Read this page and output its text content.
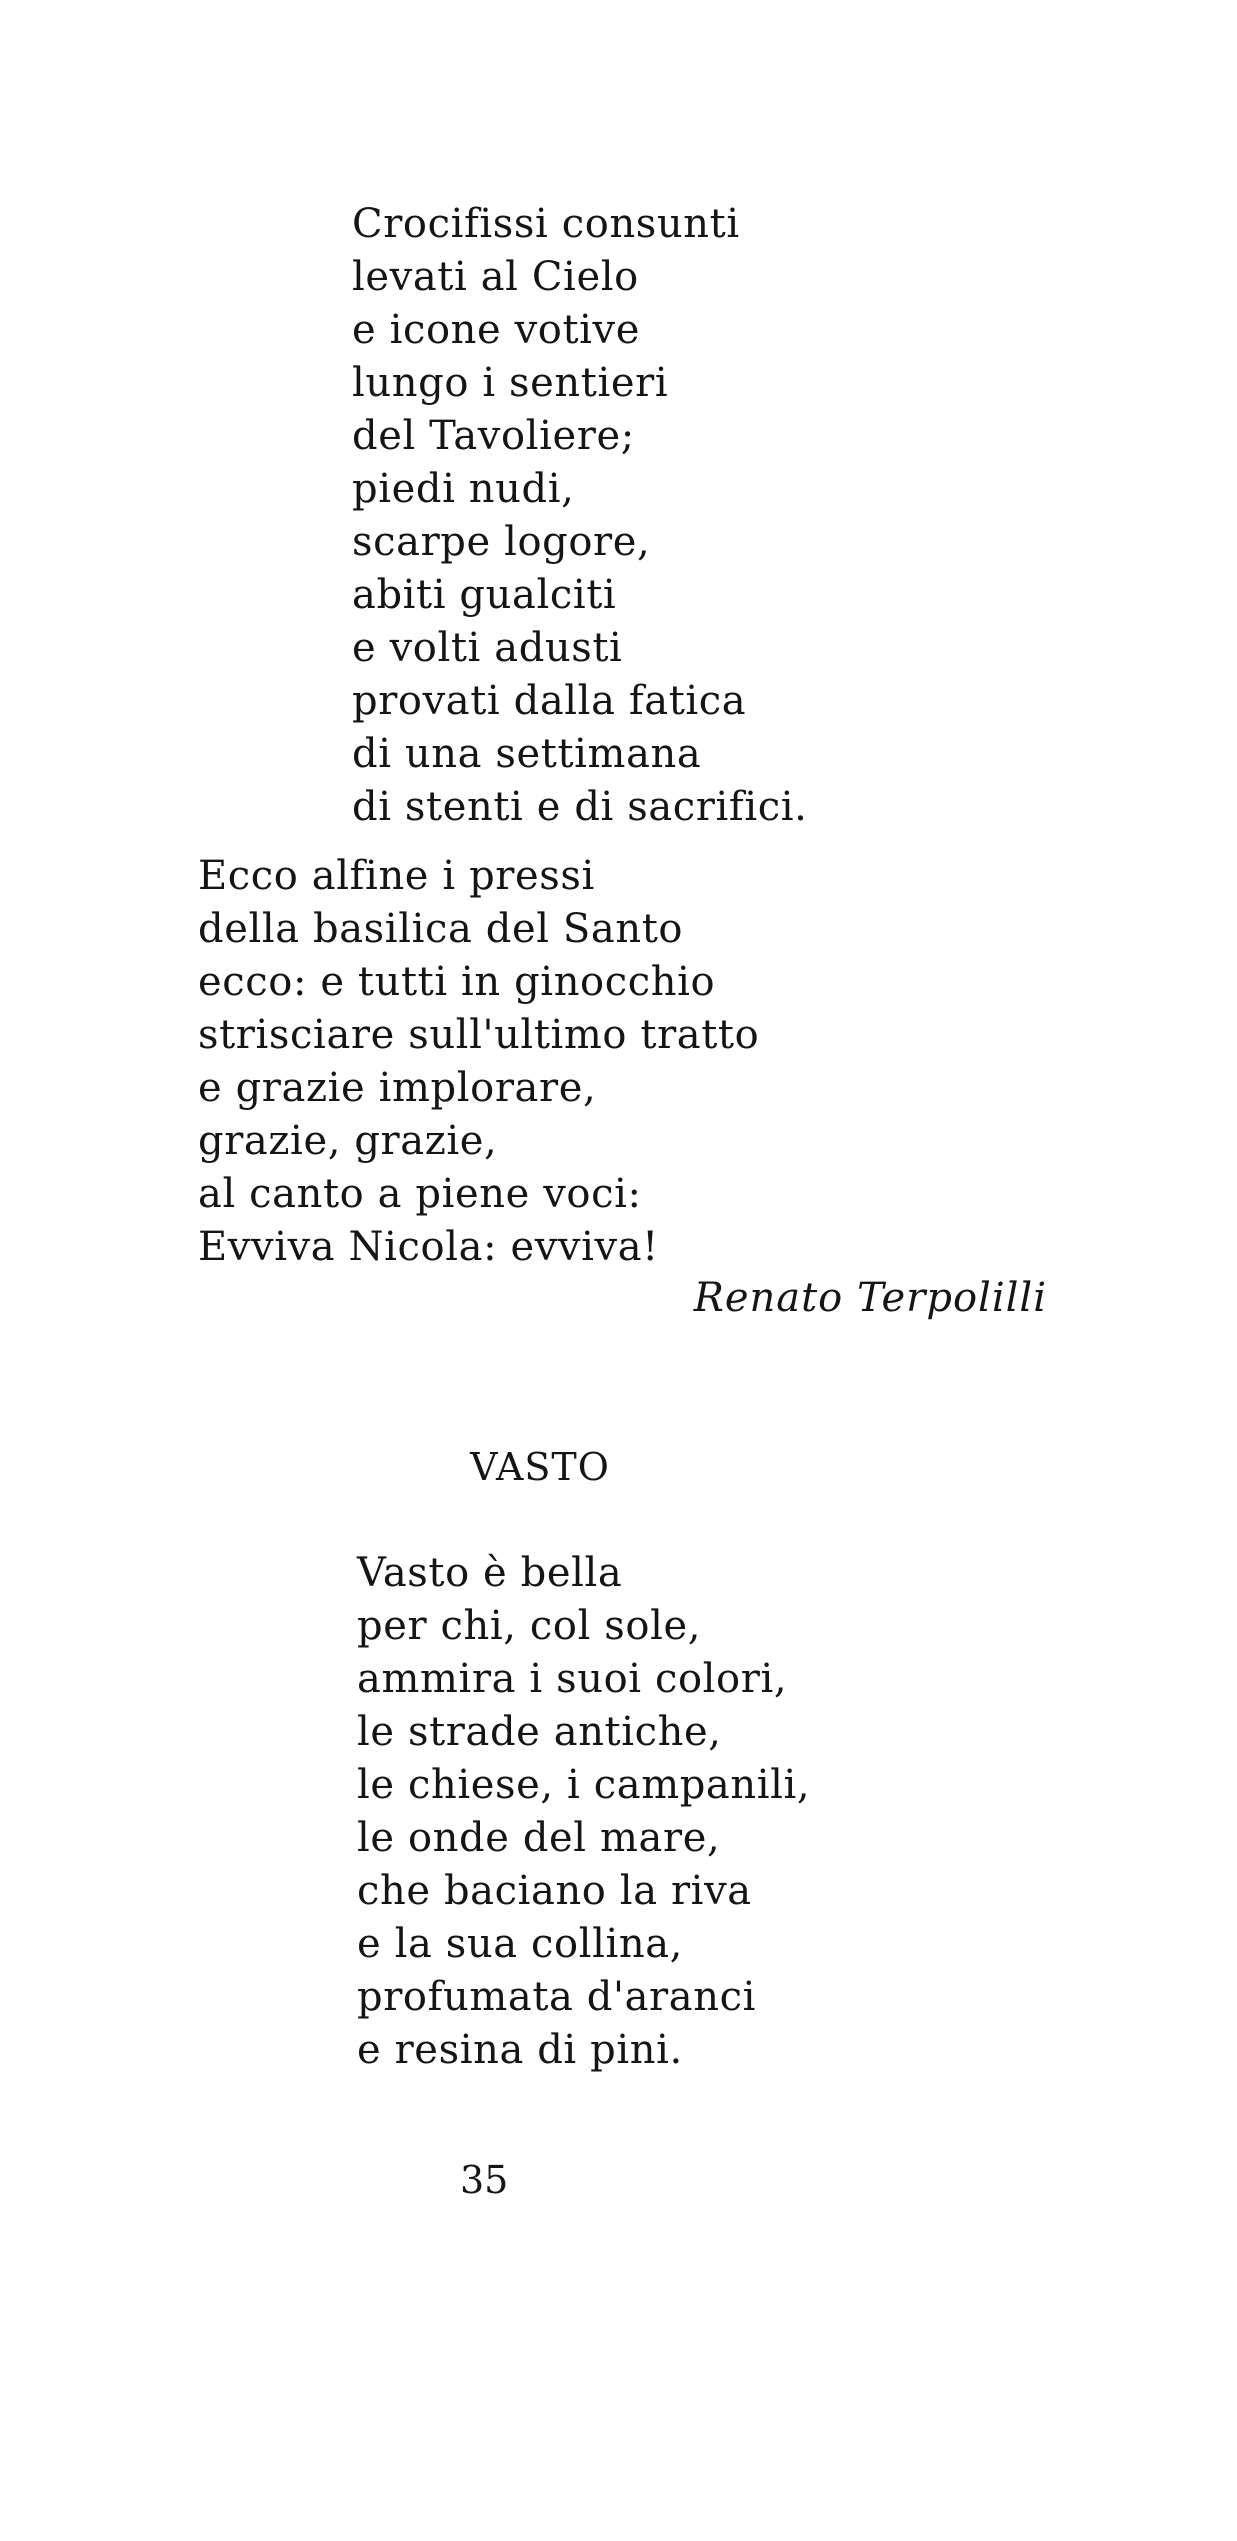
Crocifissi consunti
levati al Cielo
e icone votive
lungo i sentieri
del Tavoliere;
piedi nudi,
scarpe logore,
abiti gualciti
e volti adusti
provati dalla fatica
di una settimana
di stenti e di sacrifici.
Ecco alfine i pressi
della basilica del Santo
ecco: e tutti in ginocchio
strisciare sull'ultimo tratto
e grazie implorare,
grazie, grazie,
al canto a piene voci:
Evviva Nicola: evviva!
Renato Terpolilli
VASTO
Vasto è bella
per chi, col sole,
ammira i suoi colori,
le strade antiche,
le chiese, i campanili,
le onde del mare,
che baciano la riva
e la sua collina,
profumata d'aranci
e resina di pini.
35
